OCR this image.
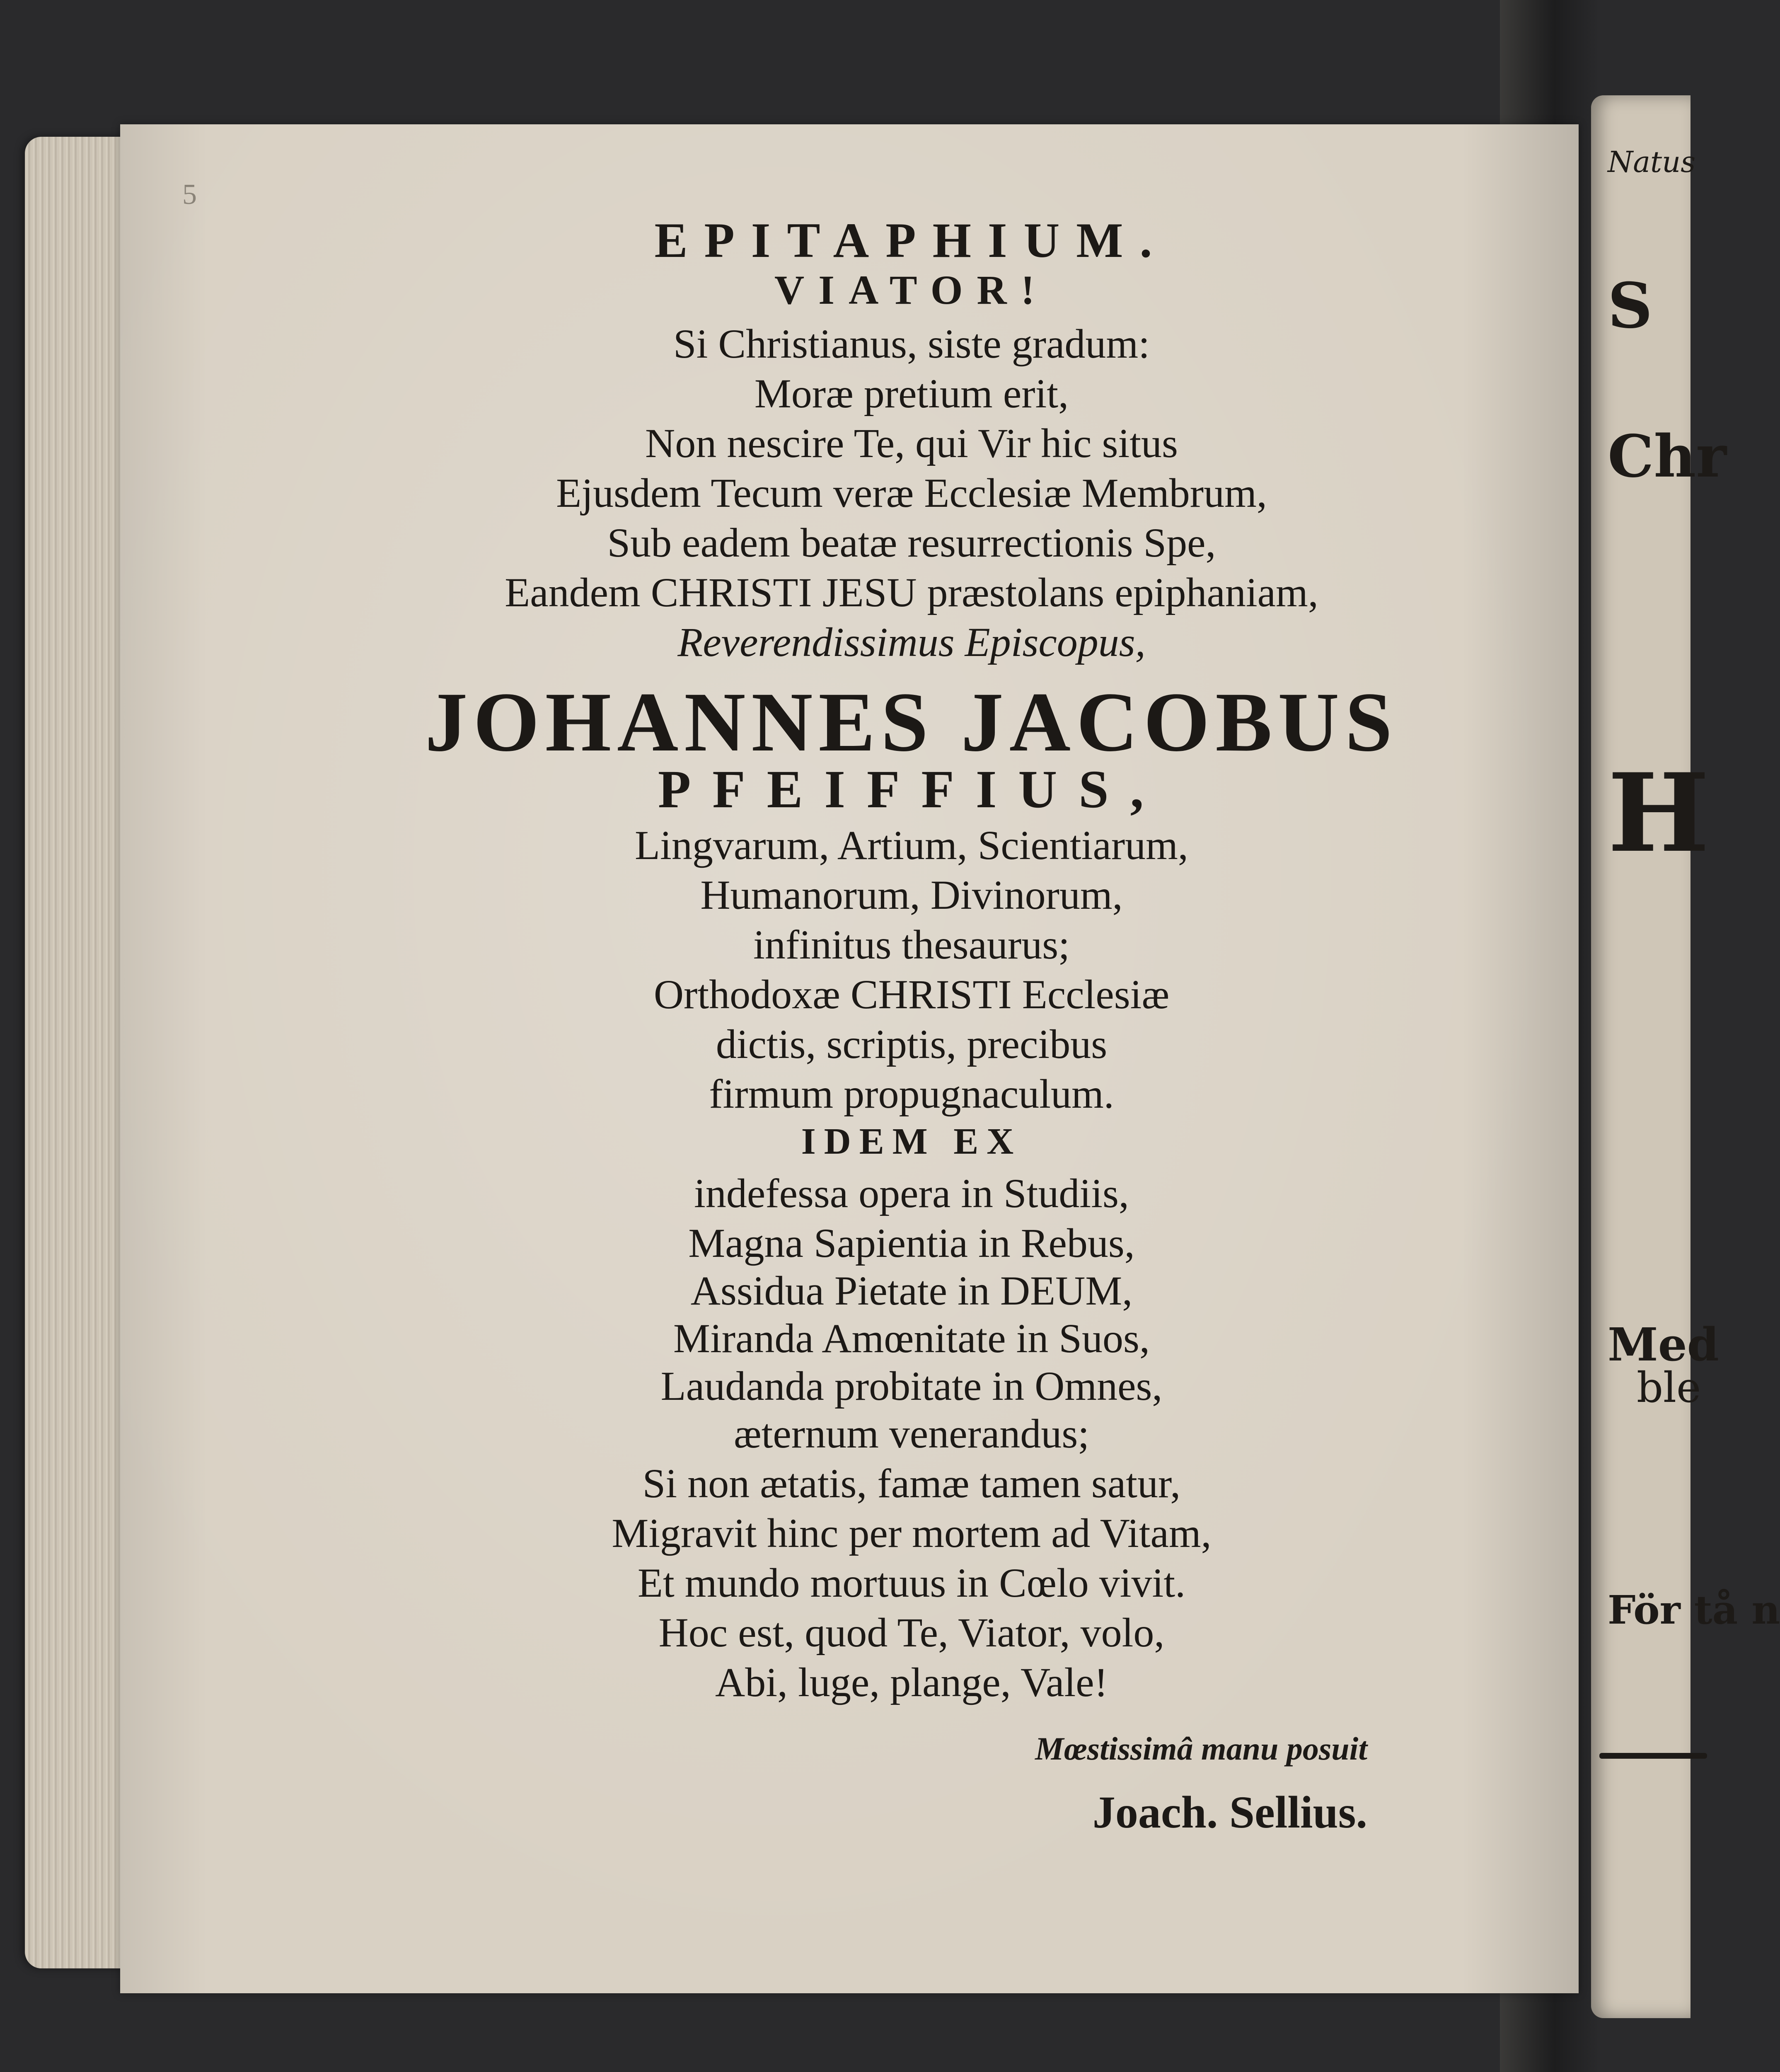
Natus
S
Chr
H
Med
ble
För tå n
5
EPITAPHIUM.
VIATOR!
Si Christianus, siste gradum:
Moræ pretium erit,
Non nescire Te, qui Vir hic situs
Ejusdem Tecum veræ Ecclesiæ Membrum,
Sub eadem beatæ resurrectionis Spe,
Eandem CHRISTI JESU præstolans epiphaniam,
Reverendissimus Episcopus,
JOHANNES JACOBUS
PFEIFFIUS,
Lingvarum, Artium, Scientiarum,
Humanorum, Divinorum,
infinitus thesaurus;
Orthodoxæ CHRISTI Ecclesiæ
dictis, scriptis, precibus
firmum propugnaculum.
IDEM EX
indefessa opera in Studiis,
Magna Sapientia in Rebus,
Assidua Pietate in DEUM,
Miranda Amœnitate in Suos,
Laudanda probitate in Omnes,
æternum venerandus;
Si non ætatis, famæ tamen satur,
Migravit hinc per mortem ad Vitam,
Et mundo mortuus in Cœlo vivit.
Hoc est, quod Te, Viator, volo,
Abi, luge, plange, Vale!
Mœstissimâ manu posuit
Joach. Sellius.
